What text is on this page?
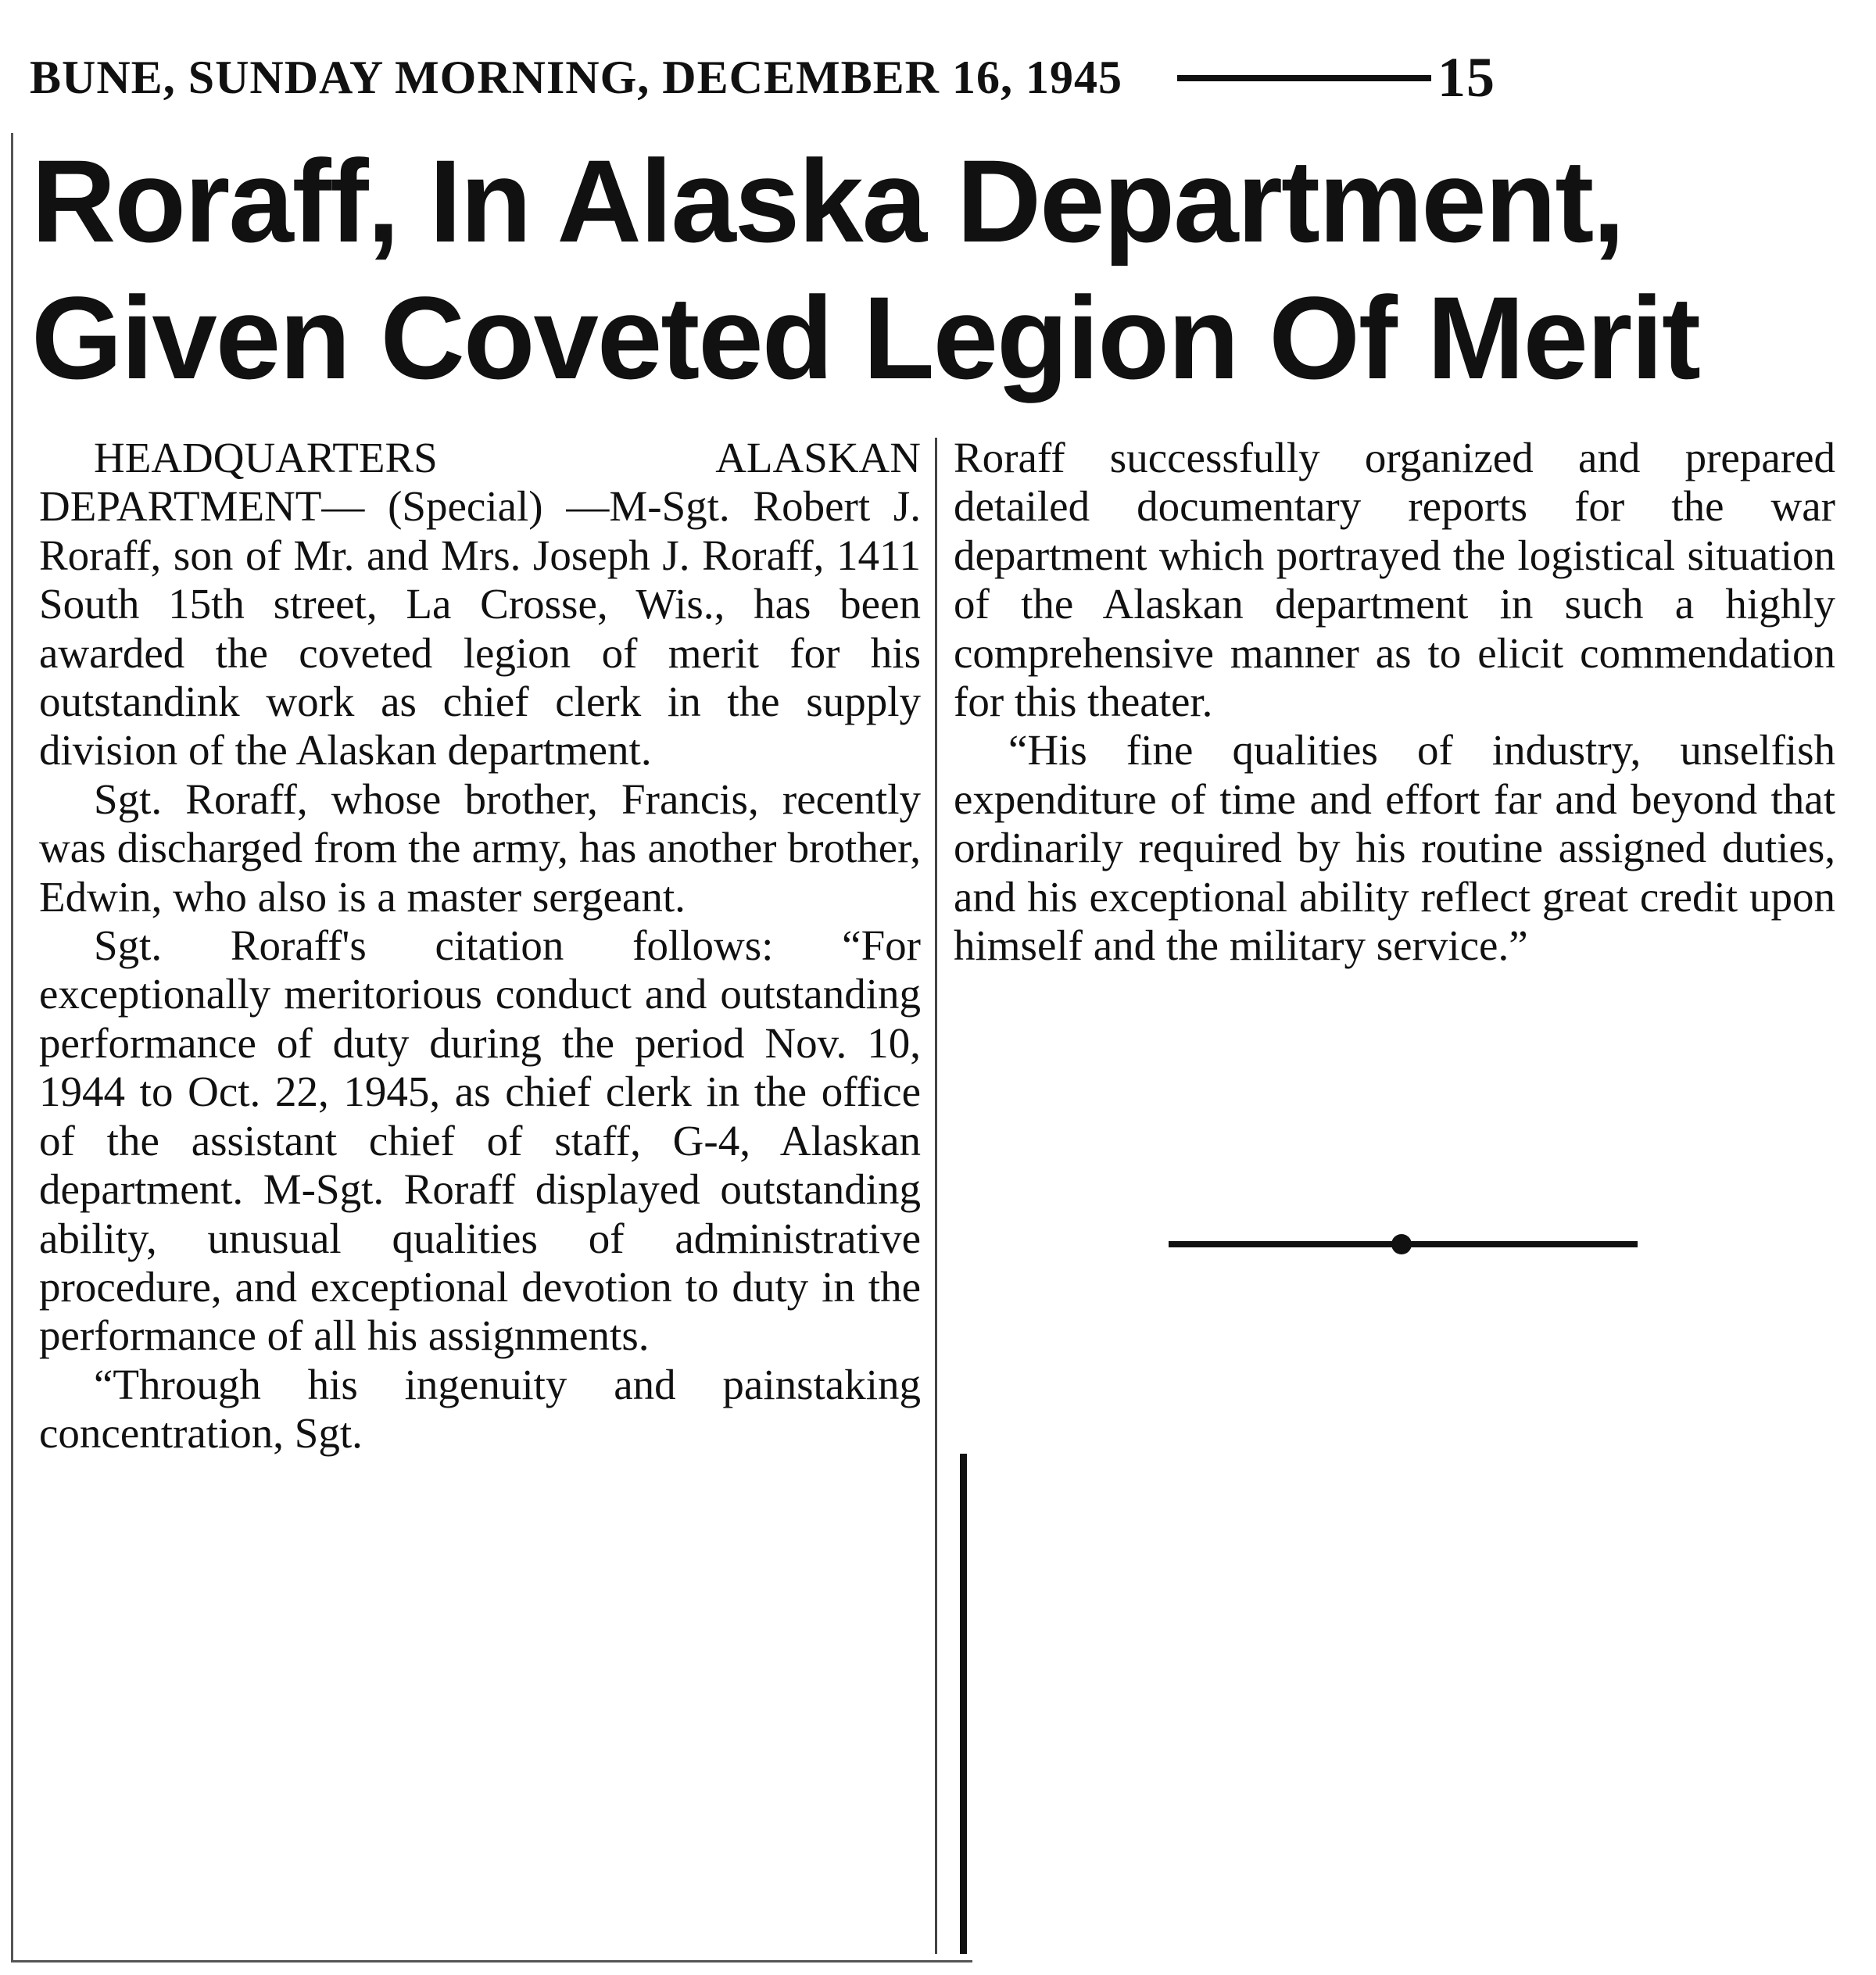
BUNE, SUNDAY MORNING, DECEMBER 16, 1945	15
Roraff, In Alaska Department,
Given Coveted Legion Of Merit

HEADQUARTERS ALASKAN DEPARTMENT— (Special) —M-Sgt. Robert J. Roraff, son of Mr. and Mrs. Joseph J. Roraff, 1411 South 15th street, La Crosse, Wis., has been awarded the coveted legion of merit for his outstandink work as chief clerk in the supply division of the Alaskan department.

Sgt. Roraff, whose brother, Francis, recently was discharged from the army, has another brother, Edwin, who also is a master sergeant.

Sgt. Roraff's citation follows: “For exceptionally meritorious conduct and outstanding performance of duty during the period Nov. 10, 1944 to Oct. 22, 1945, as chief clerk in the office of the assistant chief of staff, G-4, Alaskan department. M-Sgt. Roraff displayed outstanding ability, unusual qualities of administrative procedure, and exceptional devotion to duty in the performance of all his assignments.

“Through his ingenuity and painstaking concentration, Sgt.

Roraff successfully organized and prepared detailed documentary reports for the war department which portrayed the logistical situation of the Alaskan department in such a highly comprehensive manner as to elicit commendation for this theater.

“His fine qualities of industry, unselfish expenditure of time and effort far and beyond that ordinarily required by his routine assigned duties, and his exceptional ability reflect great credit upon himself and the military service.”
